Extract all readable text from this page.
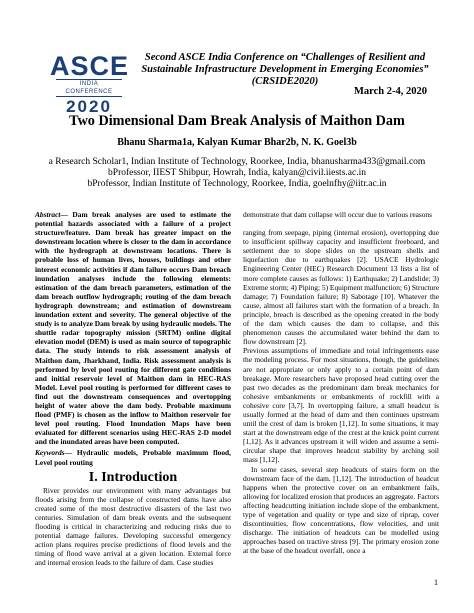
ASCE
INDIA CONFERENCE
2020
Second ASCE India Conference on “Challenges of Resilient and Sustainable Infrastructure Development in Emerging Economies” (CRSIDE2020)
March 2-4, 2020
Two Dimensional Dam Break Analysis of Maithon Dam
Bhanu Sharma1a, Kalyan Kumar Bhar2b, N. K. Goel3b
a Research Scholar1, Indian Institute of Technology, Roorkee, India, bhanusharma433@gmail.com
bProfessor, IIEST Shibpur, Howrah, India, kalyan@civil.iiests.ac.in
bProfessor, Indian Institute of Technology, Roorkee, India, goelnfhy@iitr.ac.in
Abstract— Dam break analyses are used to estimate the potential hazards associated with a failure of a project structure/feature. Dam break has greater impact on the downstream location where is closer to the dam in accordance with the hydrograph at downstream locations. There is probable loss of human lives, houses, buildings and other interest economic activities if dam failure occurs Dam breach inundation analyses include the following elements: estimation of the dam breach parameters, estimation of the dam breach outflow hydrograph; routing of the dam breach hydrograph downstream; and estimation of downstream inundation extent and severity. The general objective of the study is to analyze Dam break by using hydraulic models. The shuttle radar topography mission (SRTM) online digital elevation model (DEM) is used as main source of topographic data. The study intends to risk assessment analysis of Maithon dam, Jharkhand, India. Risk assessment analysis is performed by level pool routing for different gate conditions and initial reservoir level of Maithon dam in HEC-RAS Model. Level pool routing is performed for different cases to find out the downstream consequences and overtopping height of water above the dam body. Probable maximum flood (PMF) is chosen as the inflow to Maithon reservoir for level pool routing. Flood Inundation Maps have been evaluated for different scenarios using HEC-RAS 2-D model and the inundated areas have been computed.
Keywords— Hydraulic models, Probable maximum flood, Level pool routing
I. Introduction
River provides our environment with many advantages but floods arising from the collapse of constructed dams have also created some of the most destructive disasters of the last two centuries. Simulation of dam break events and the subsequent flooding is critical in characterizing and reducing risks due to potential damage failures. Developing successful emergency action plans requires precise predictions of flood levels and the timing of flood wave arrival at a given location. External force and internal erosion leads to the failure of dam. Case studies
demonstrate that dam collapse will occur due to various reasons
ranging from seepage, piping (internal erosion), overtopping due to insufficient spillway capacity and insufficient freeboard, and settlement due to slope slides on the upstream shells and liquefaction due to earthquakes [2]. USACE Hydrologic Engineering Center (HEC) Research Document 13 lists a list of more complete causes as follows: 1) Earthquake; 2) Landslide; 3) Extreme storm; 4) Piping; 5) Equipment malfunction; 6) Structure damage; 7) Foundation failure; 8) Sabotage [10]. Whatever the cause, almost all failures start with the formation of a breach. In principle, breach is described as the opening created in the body of the dam which causes the dam to collapse, and this phenomenon causes the accumulated water behind the dam to flow downstream [2].
Previous assumptions of immediate and total infringements ease the modeling process. For most situations, though, the guidelines are not appropriate or only apply to a certain point of dam breakage. More researchers have proposed head cutting over the past two decades as the predominant dam break mechanics for cohesive embankments or embankments of rockfill with a cohesive core [3,7]. In overtopping failure, a small headcut is usually formed at the head of dam and then continues upstream until the crest of dam is broken [1,12]. In some situations, it may start at the downstream edge of the crest at the knick point current [1,12]. As it advances upstream it will widen and assume a semi-circular shape that improves headcut stability by arching soil mass [1,12].
In some cases, several step headcuts of stairs form on the downstream face of the dam. [1,12]. The introduction of headcut happens when the protective cover on an embankment fails, allowing for localized erosion that produces an aggregate. Factors affecting headcutting initiation include slope of the embankment, type of vegetation and quality or type and size of riprap, cover discontinuities, flow concentrations, flow velocities, and unit discharge. The initiation of headcuts can be modelled using approaches based on tractive stress [9]. The primary erosion zone at the base of the headcut overfall, once a
1
